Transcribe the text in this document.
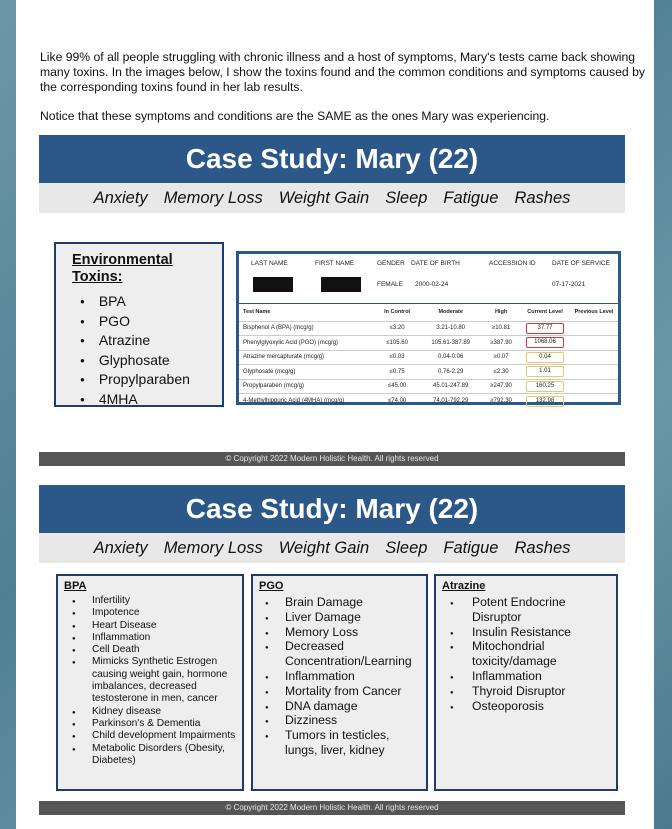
Like 99% of all people struggling with chronic illness and a host of symptoms, Mary's tests came back showing many toxins. In the images below, I show the toxins found and the common conditions and symptoms caused by the corresponding toxins found in her lab results.

Notice that these symptoms and conditions are the SAME as the ones Mary was experiencing.

Case Study: Mary (22)
Anxiety Memory Loss Weight Gain Sleep Fatigue Rashes
Environmental Toxins:
● BPA
● PGO
● Atrazine
● Glyphosate
● Propylparaben
● 4MHA
LAST NAME	FIRST NAME	GENDER DATE OF BIRTH	ACCESSION ID	DATE OF SERVICE
FEMALE 2000-02-24	07-17-2021
Test Name	In Control	Moderate	High	Current Level	Previous Level
Bisphenol A (BPA) (mcg/g)	≤3.20	3.21-10.80	≥10.81	37.77	
Phenylglyoxylic Acid (PGO) (mcg/g)	≤105.60	105.61-387.89	≥387.90	1068.06	
Atrazine mercapturate (mcg/g)	≤0.03	0.04-0.06	≥0.07	0.04	
Glyphosate (mcg/g)	≤0.75	0.76-2.29	≤2.30	1.01	
Propylparaben (mcg/g)	≤45.00	45.01-247.89	≥247.90	160.25	
4-Methylhippuric Acid (4MHA) (mcg/g)	≤74.00	74.01-792.29	≥792.30	132.98	
© Copyright 2022 Modern Holistic Health. All rights reserved
Case Study: Mary (22)
Anxiety Memory Loss Weight Gain Sleep Fatigue Rashes
BPA
● Infertility
● Impotence
● Heart Disease
● Inflammation
● Cell Death
● Mimicks Synthetic Estrogen causing weight gain, hormone imbalances, decreased testosterone in men, cancer
● Kidney disease
● Parkinson's & Dementia
● Child development Impairments
● Metabolic Disorders (Obesity, Diabetes)
PGO
● Brain Damage
● Liver Damage
● Memory Loss
● Decreased Concentration/Learning
● Inflammation
● Mortality from Cancer
● DNA damage
● Dizziness
● Tumors in testicles, lungs, liver, kidney
Atrazine
● Potent Endocrine Disruptor
● Insulin Resistance
● Mitochondrial toxicity/damage
● Inflammation
● Thyroid Disruptor
● Osteoporosis
© Copyright 2022 Modern Holistic Health. All rights reserved
